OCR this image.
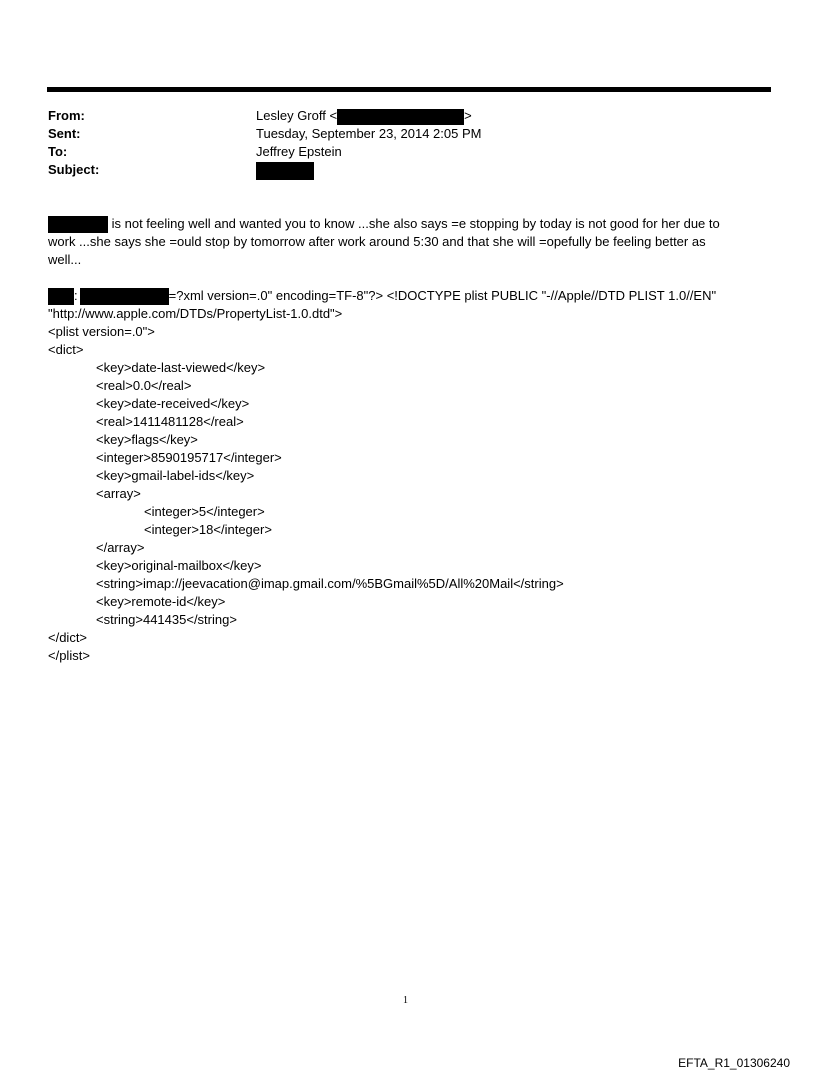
From:	Lesley Groff <	>
Sent:	Tuesday, September 23, 2014 2:05 PM
To:	Jeffrey Epstein
Subject:
is not feeling well and wanted you to know ...she also says =e stopping by today is not good for her due to
work ...she says she =ould stop by tomorrow after work around 5:30 and that she will =opefully be feeling better as
well...
:	=?xml version=.0" encoding=TF-8"?> <!DOCTYPE plist PUBLIC "-//Apple//DTD PLIST 1.0//EN"
"http://www.apple.com/DTDs/PropertyList-1.0.dtd">
<plist version=.0">
<dict>
<key>date-last-viewed</key>
<real>0.0</real>
<key>date-received</key>
<real>1411481128</real>
<key>flags</key>
<integer>8590195717</integer>
<key>gmail-label-ids</key>
<array>
<integer>5</integer>
<integer>18</integer>
</array>
<key>original-mailbox</key>
<string>imap://jeevacation@imap.gmail.com/%5BGmail%5D/All%20Mail</string>
<key>remote-id</key>
<string>441435</string>
</dict>
</plist>
1
EFTA_R1_01306240
